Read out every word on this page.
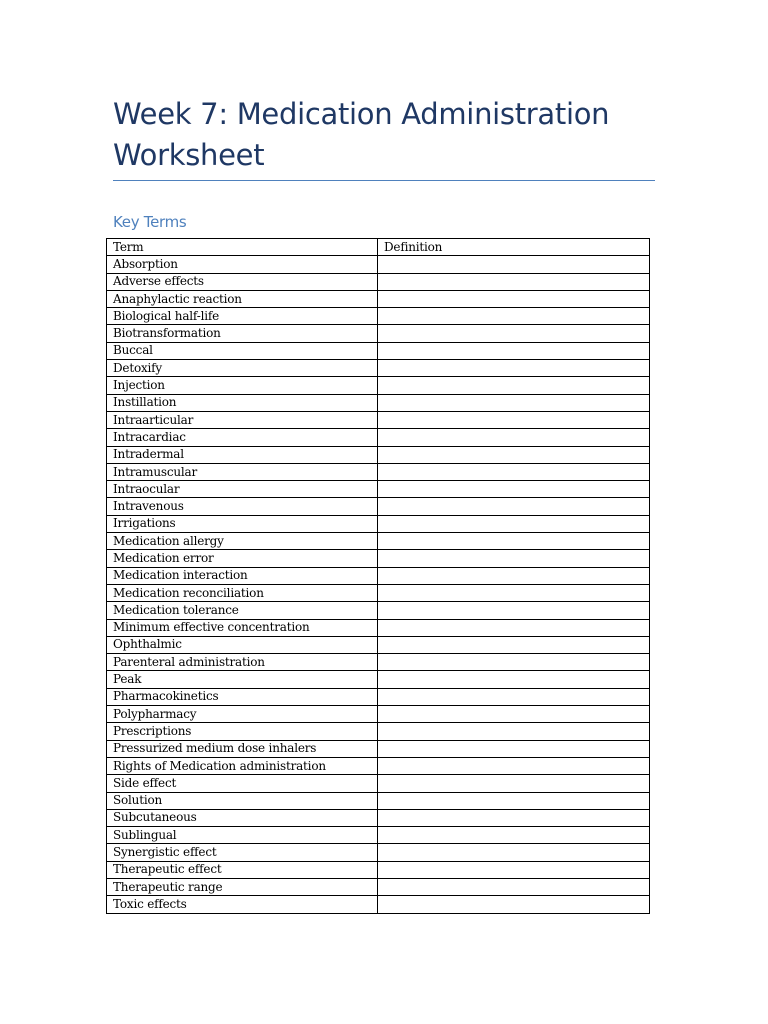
Week 7: Medication Administration Worksheet
Key Terms
Term	Definition
Absorption	
Adverse effects	
Anaphylactic reaction	
Biological half-life	
Biotransformation	
Buccal	
Detoxify	
Injection	
Instillation	
Intraarticular	
Intracardiac	
Intradermal	
Intramuscular	
Intraocular	
Intravenous	
Irrigations	
Medication allergy	
Medication error	
Medication interaction	
Medication reconciliation	
Medication tolerance	
Minimum effective concentration	
Ophthalmic	
Parenteral administration	
Peak	
Pharmacokinetics	
Polypharmacy	
Prescriptions	
Pressurized medium dose inhalers	
Rights of Medication administration	
Side effect	
Solution	
Subcutaneous	
Sublingual	
Synergistic effect	
Therapeutic effect	
Therapeutic range	
Toxic effects	
